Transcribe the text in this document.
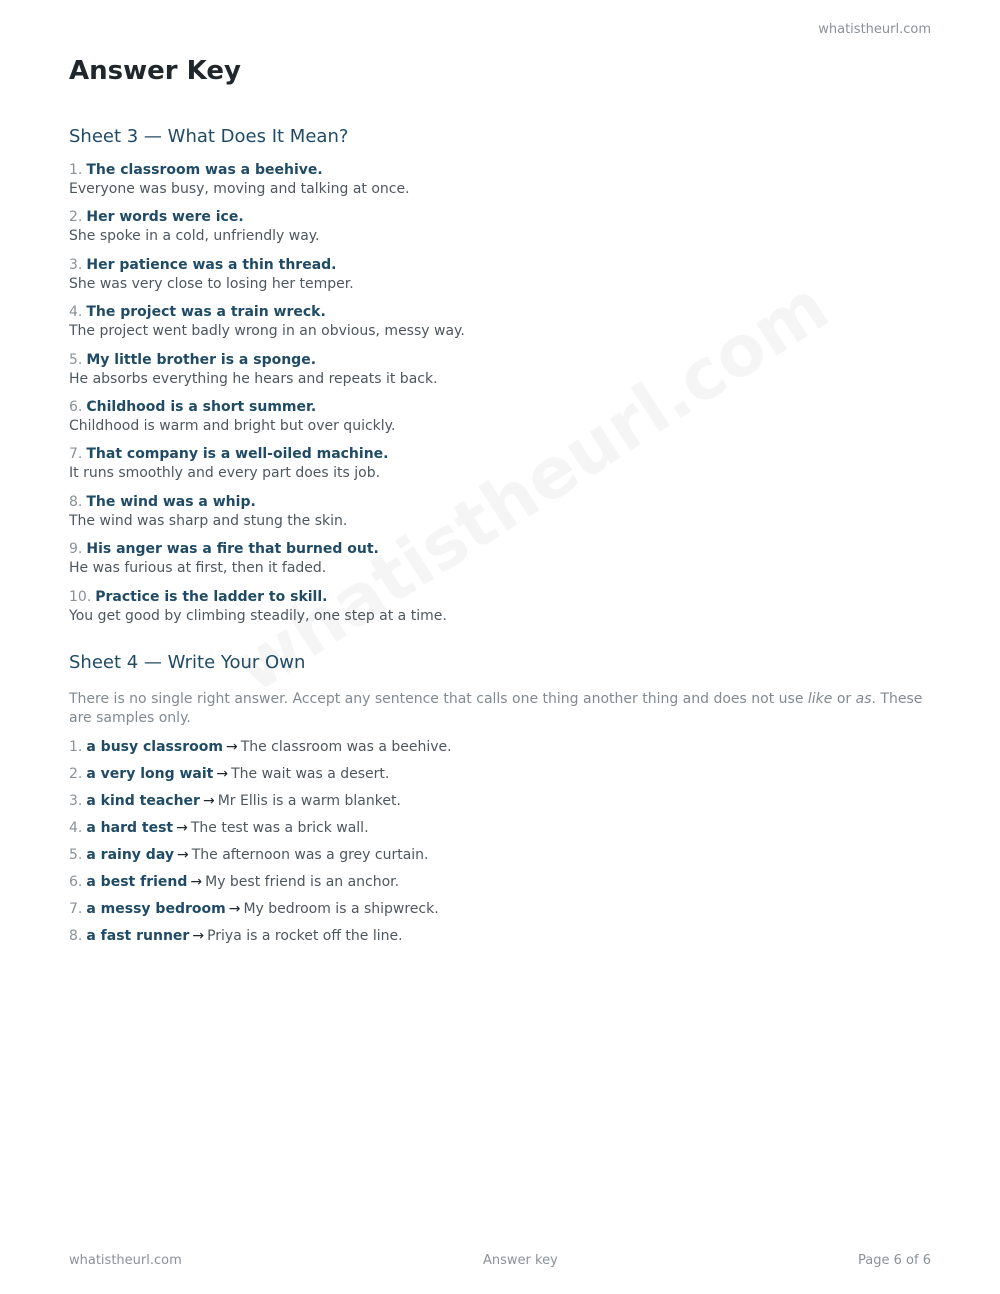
whatistheurl.com
Answer Key
Sheet 3 — What Does It Mean?
1. The classroom was a beehive.
Everyone was busy, moving and talking at once.
2. Her words were ice.
She spoke in a cold, unfriendly way.
3. Her patience was a thin thread.
She was very close to losing her temper.
4. The project was a train wreck.
The project went badly wrong in an obvious, messy way.
5. My little brother is a sponge.
He absorbs everything he hears and repeats it back.
6. Childhood is a short summer.
Childhood is warm and bright but over quickly.
7. That company is a well-oiled machine.
It runs smoothly and every part does its job.
8. The wind was a whip.
The wind was sharp and stung the skin.
9. His anger was a fire that burned out.
He was furious at first, then it faded.
10. Practice is the ladder to skill.
You get good by climbing steadily, one step at a time.
Sheet 4 — Write Your Own

There is no single right answer. Accept any sentence that calls one thing another thing and does not use like or as. These are samples only.

1. a busy classroom → The classroom was a beehive.
2. a very long wait → The wait was a desert.
3. a kind teacher → Mr Ellis is a warm blanket.
4. a hard test → The test was a brick wall.
5. a rainy day → The afternoon was a grey curtain.
6. a best friend → My best friend is an anchor.
7. a messy bedroom → My bedroom is a shipwreck.
8. a fast runner → Priya is a rocket off the line.
whatistheurl.com	Answer key	Page 6 of 6
